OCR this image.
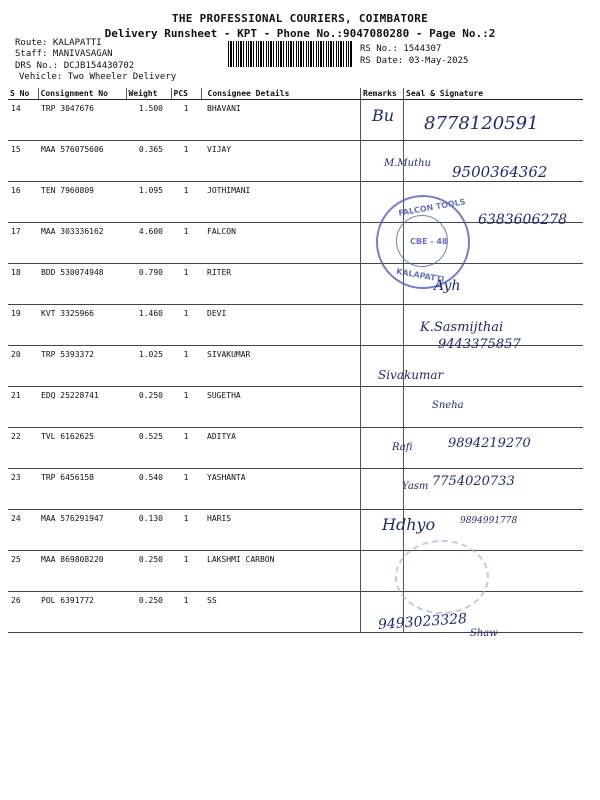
THE PROFESSIONAL COURIERS, COIMBATORE
Delivery Runsheet - KPT - Phone No.:9047080280 - Page No.:2
Route: KALAPATTI
Staff: MANIVASAGAN
DRS No.: DCJB154430702
Vehicle: Two Wheeler Delivery
RS No.: 1544307
RS Date: 03-May-2025
S No	Consignment No	Weight	PCS	Consignee Details	Remarks	Seal & Signature
14	TRP 3047676	1.500	1	BHAVANI		
15	MAA 576075606	0.365	1	VIJAY		
16	TEN 7960809	1.095	1	JOTHIMANI		
17	MAA 303336162	4.600	1	FALCON		
18	BDD 530074948	0.790	1	RITER		
19	KVT 3325966	1.460	1	DEVI		
20	TRP 5393372	1.025	1	SIVAKUMAR		
21	EDQ 25228741	0.250	1	SUGETHA		
22	TVL 6162625	0.525	1	ADITYA		
23	TRP 6456158	0.540	1	YASHANTA		
24	MAA 576291947	0.130	1	HARIS		
25	MAA 869808220	0.250	1	LAKSHMI CARBON		
26	POL 6391772	0.250	1	SS		
FALCON TOOLS
CBE - 48
KALAPATTI
Bu 8778120591
M.Muthu 9500364362
6383606278
Ayh
K.Sasmijthai
9443375857
Sivakumar
Sneha
Rafi	9894219270
Yasm 7754020733
Hdhyo	9894991778
9493023328
Shaw
